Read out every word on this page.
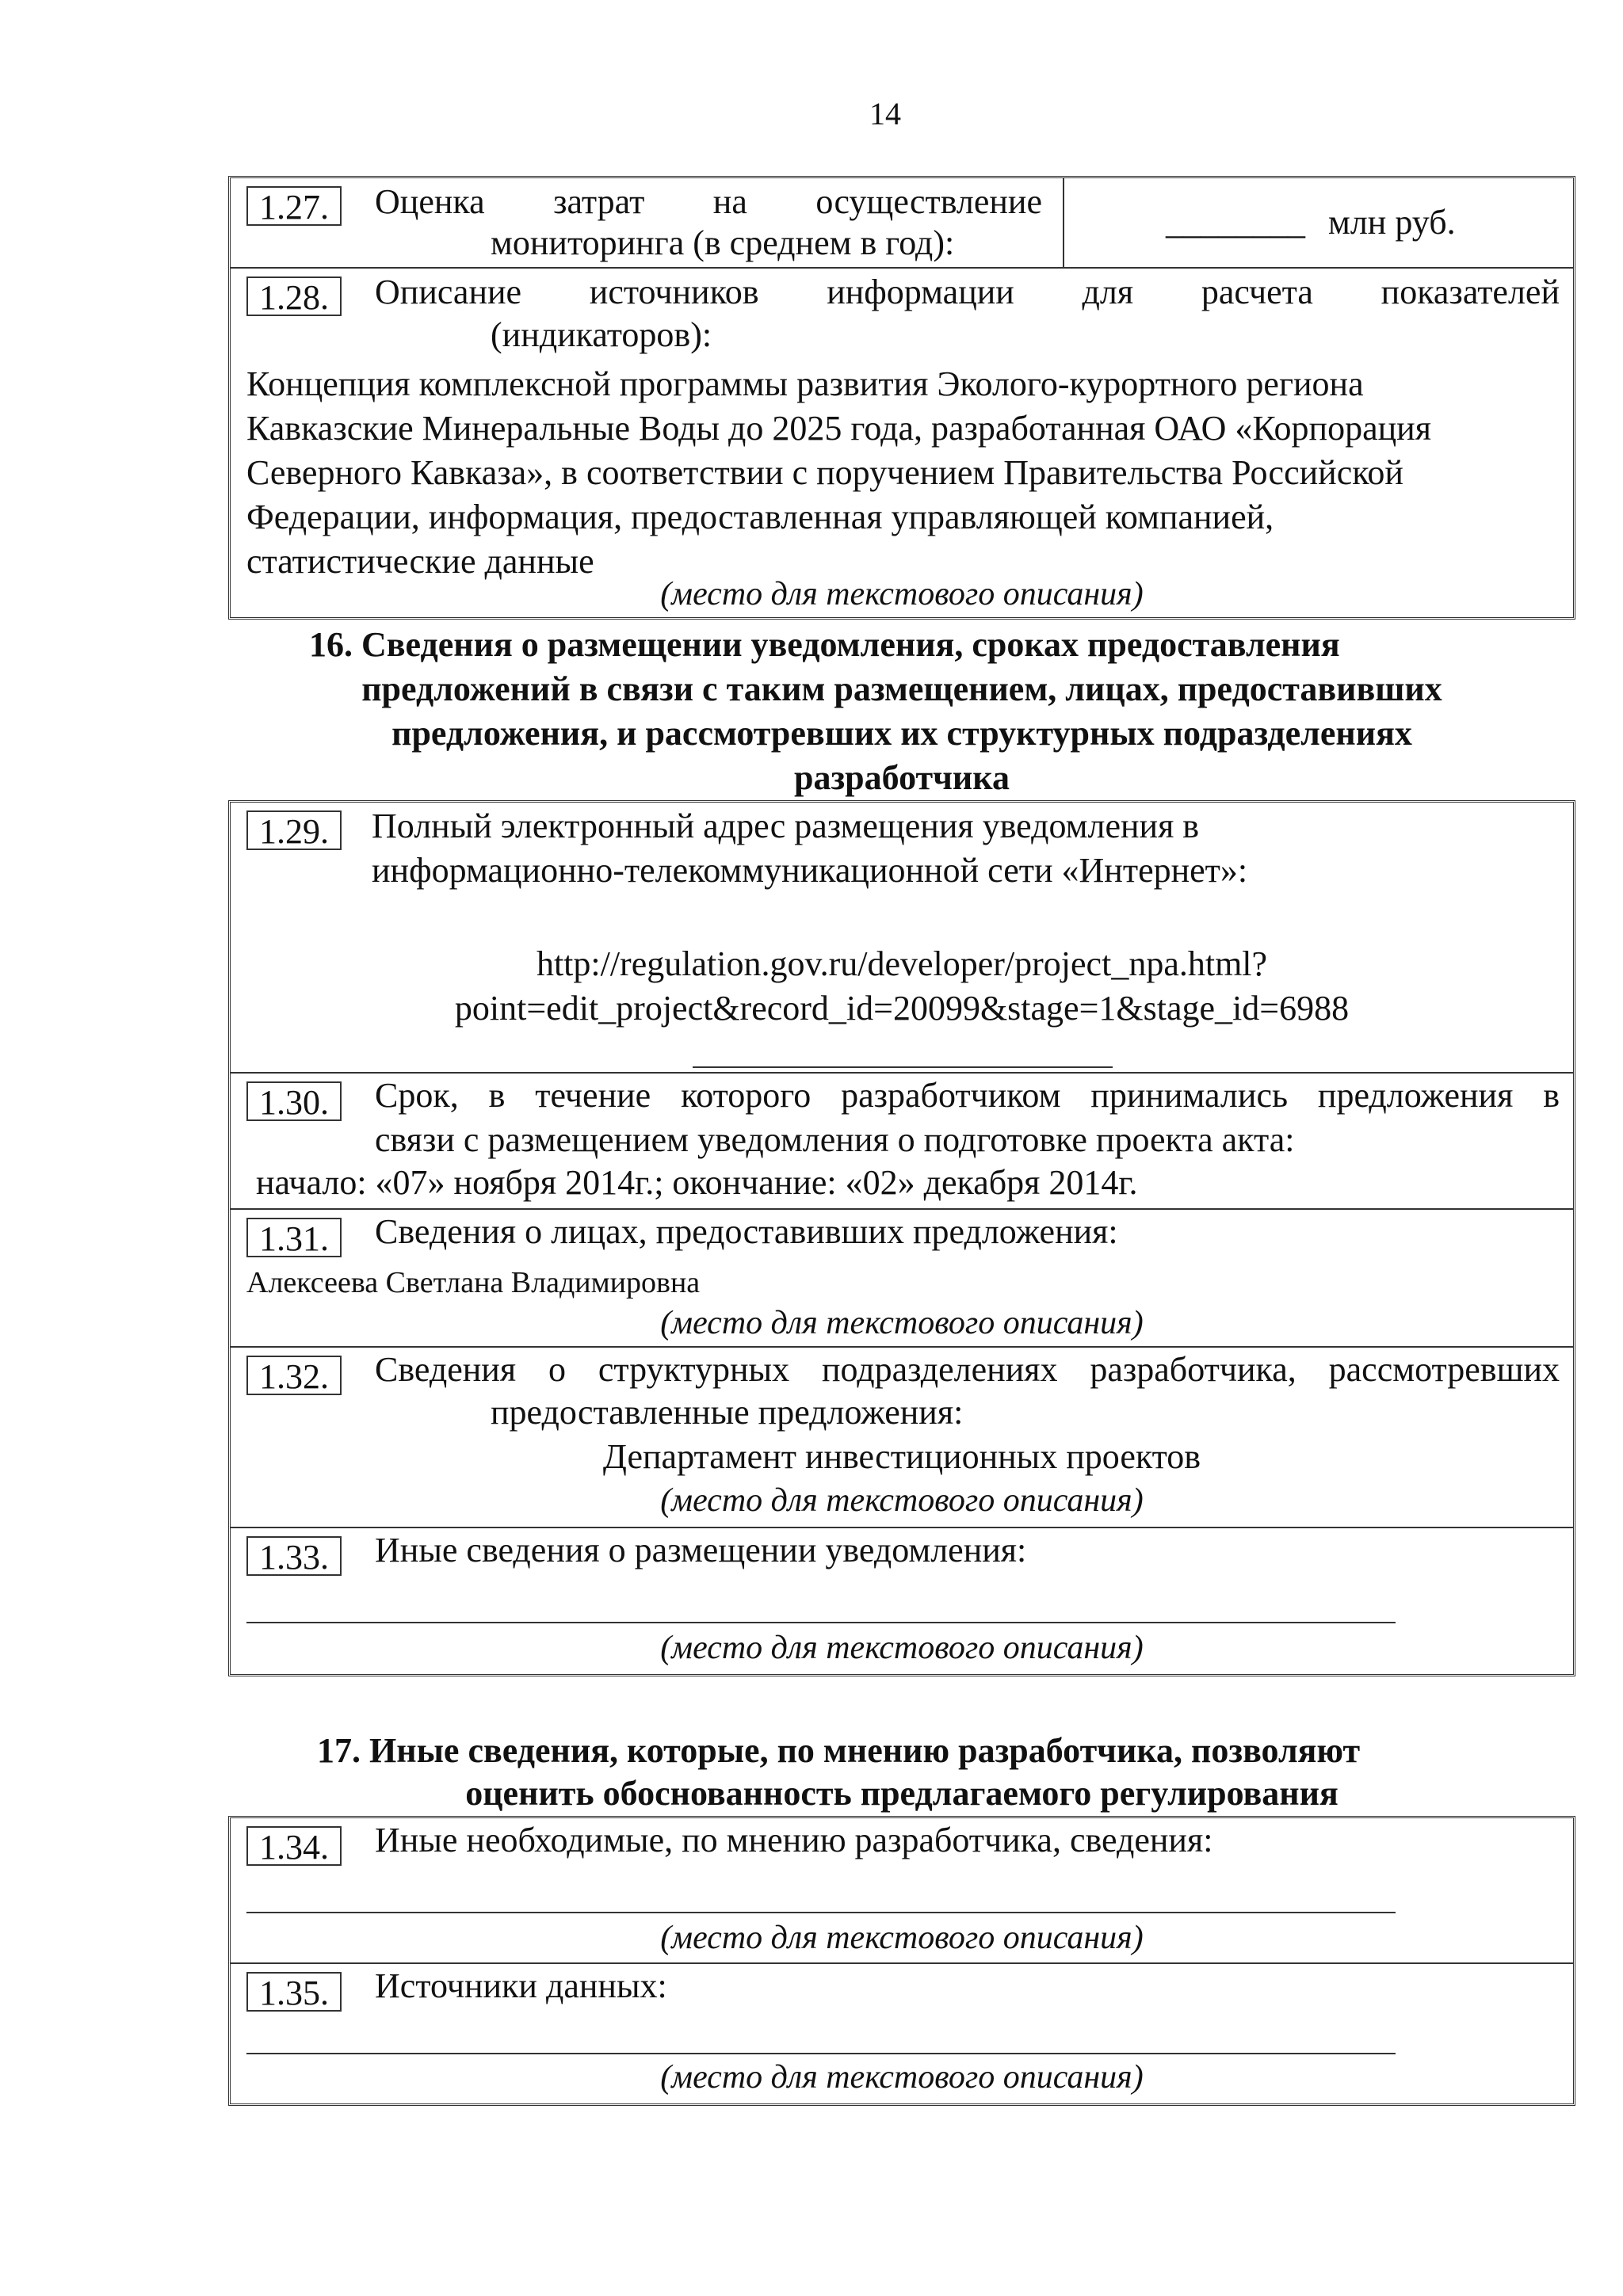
14
1.27.	Оценка затрат на осуществление
мониторинга (в среднем в год):
________ млн руб.
1.28.	Описание источников информации для расчета показателей
(индикаторов):
Концепция комплексной программы развития Эколого-курортного региона
Кавказские Минеральные Воды до 2025 года, разработанная ОАО «Корпорация
Северного Кавказа», в соответствии с поручением Правительства Российской
Федерации, информация, предоставленная управляющей компанией,
статистические данные
(место для текстового описания)
16. Сведения о размещении уведомления, сроках предоставления
предложений в связи с таким размещением, лицах, предоставивших
предложения, и рассмотревших их структурных подразделениях
разработчика
1.29.	Полный электронный адрес размещения уведомления в
информационно-телекоммуникационной сети «Интернет»:
http://regulation.gov.ru/developer/project_npa.html?
point=edit_project&record_id=20099&stage=1&stage_id=6988
1.30.	Срок, в течение которого разработчиком принимались предложения в
связи с размещением уведомления о подготовке проекта акта:
начало: «07» ноября 2014г.; окончание: «02» декабря 2014г.
1.31.	Сведения о лицах, предоставивших предложения:
Алексеева Светлана Владимировна
(место для текстового описания)
1.32.	Сведения о структурных подразделениях разработчика, рассмотревших
предоставленные предложения:
Департамент инвестиционных проектов
(место для текстового описания)
1.33.	Иные сведения о размещении уведомления:
(место для текстового описания)
17. Иные сведения, которые, по мнению разработчика, позволяют
оценить обоснованность предлагаемого регулирования
1.34.	Иные необходимые, по мнению разработчика, сведения:
(место для текстового описания)
1.35.	Источники данных:
(место для текстового описания)
